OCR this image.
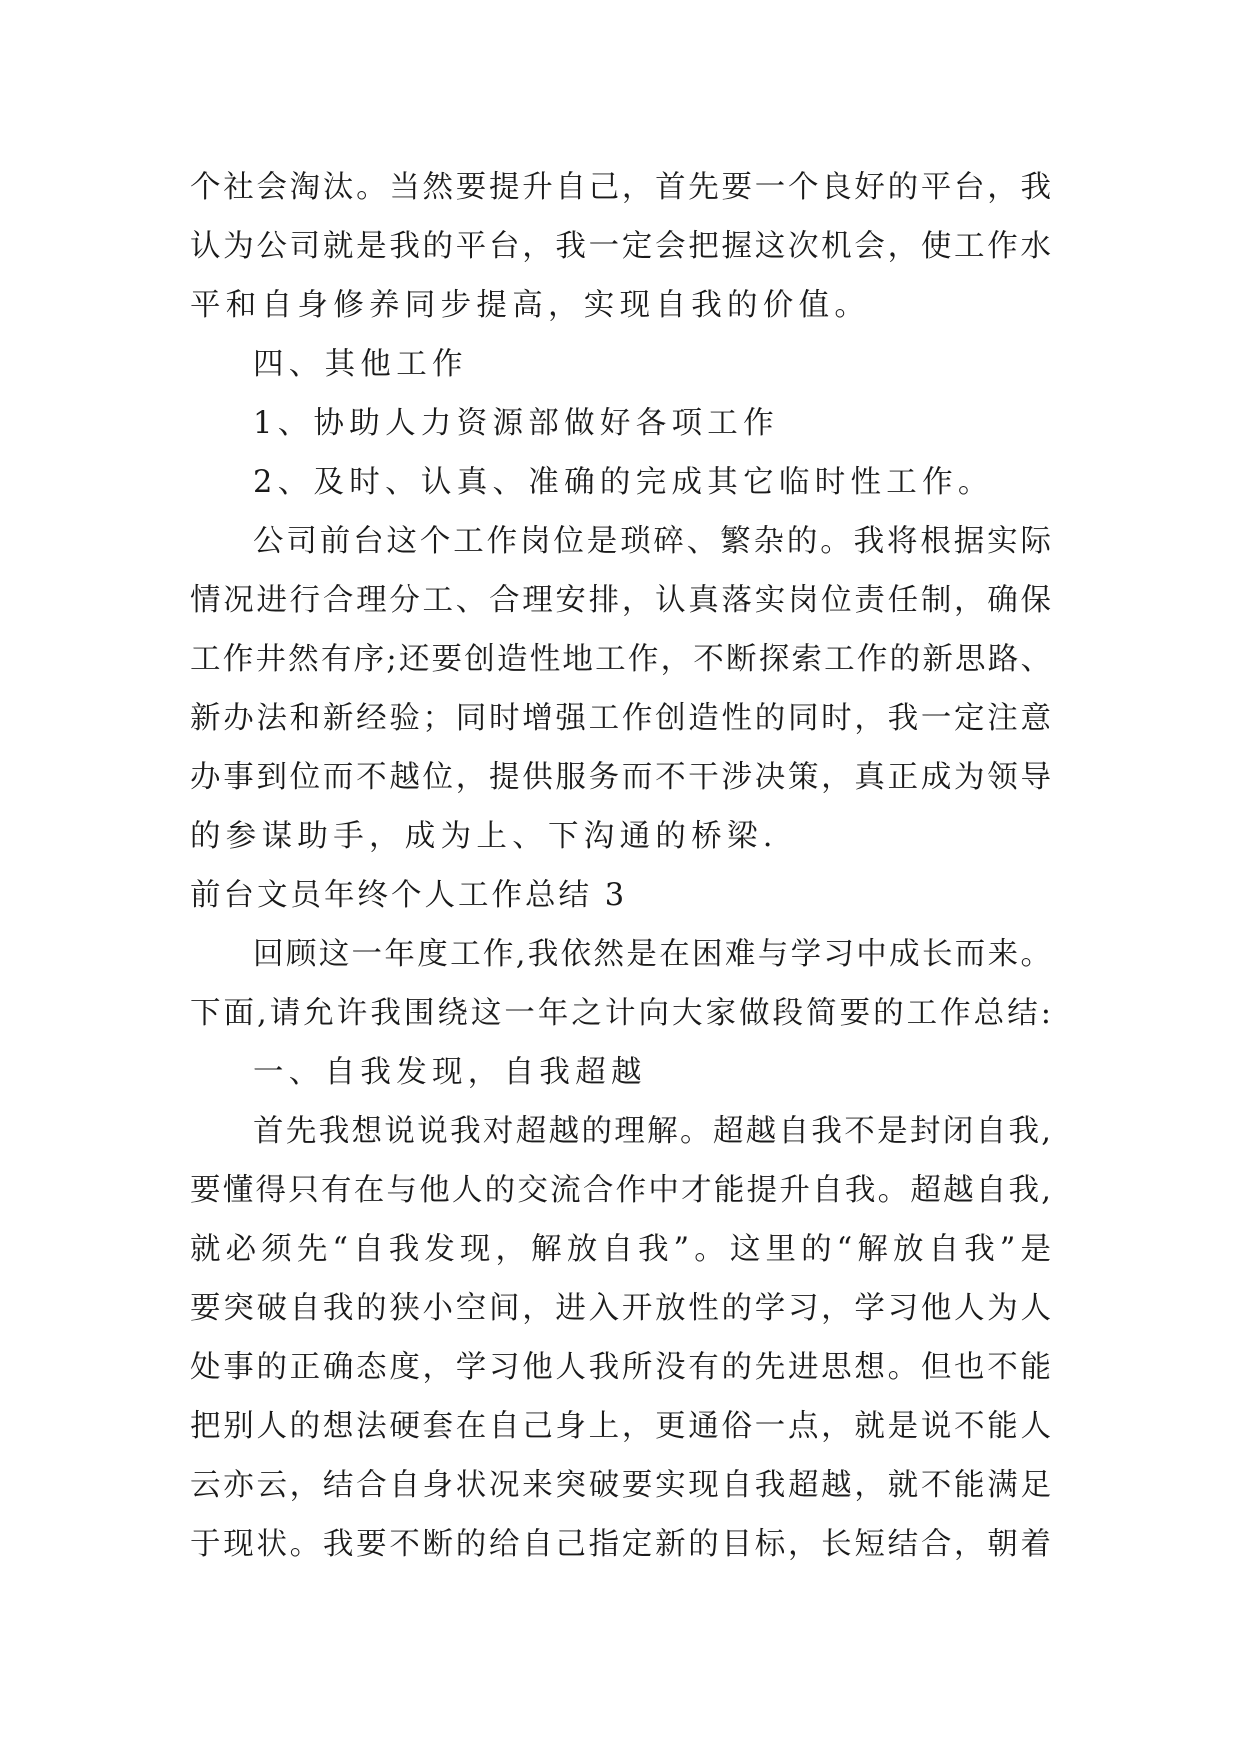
个社会淘汰。当然要提升自己，首先要一个良好的平台，我
认为公司就是我的平台，我一定会把握这次机会，使工作水
平和自身修养同步提高，实现自我的价值。
四、其他工作
1、协助人力资源部做好各项工作
2、及时、认真、准确的完成其它临时性工作。
公司前台这个工作岗位是琐碎、繁杂的。我将根据实际
情况进行合理分工、合理安排，认真落实岗位责任制，确保
工作井然有序;还要创造性地工作，不断探索工作的新思路、
新办法和新经验；同时增强工作创造性的同时，我一定注意
办事到位而不越位，提供服务而不干涉决策，真正成为领导
的参谋助手，成为上、下沟通的桥梁.
前台文员年终个人工作总结 3
回顾这一年度工作,我依然是在困难与学习中成长而来。
下面,请允许我围绕这一年之计向大家做段简要的工作总结:
一、自我发现，自我超越
首先我想说说我对超越的理解。超越自我不是封闭自我,
要懂得只有在与他人的交流合作中才能提升自我。超越自我,
就必须先“自我发现，解放自我”。这里的“解放自我”是
要突破自我的狭小空间，进入开放性的学习，学习他人为人
处事的正确态度，学习他人我所没有的先进思想。但也不能
把别人的想法硬套在自己身上，更通俗一点，就是说不能人
云亦云，结合自身状况来突破要实现自我超越，就不能满足
于现状。我要不断的给自己指定新的目标，长短结合，朝着
